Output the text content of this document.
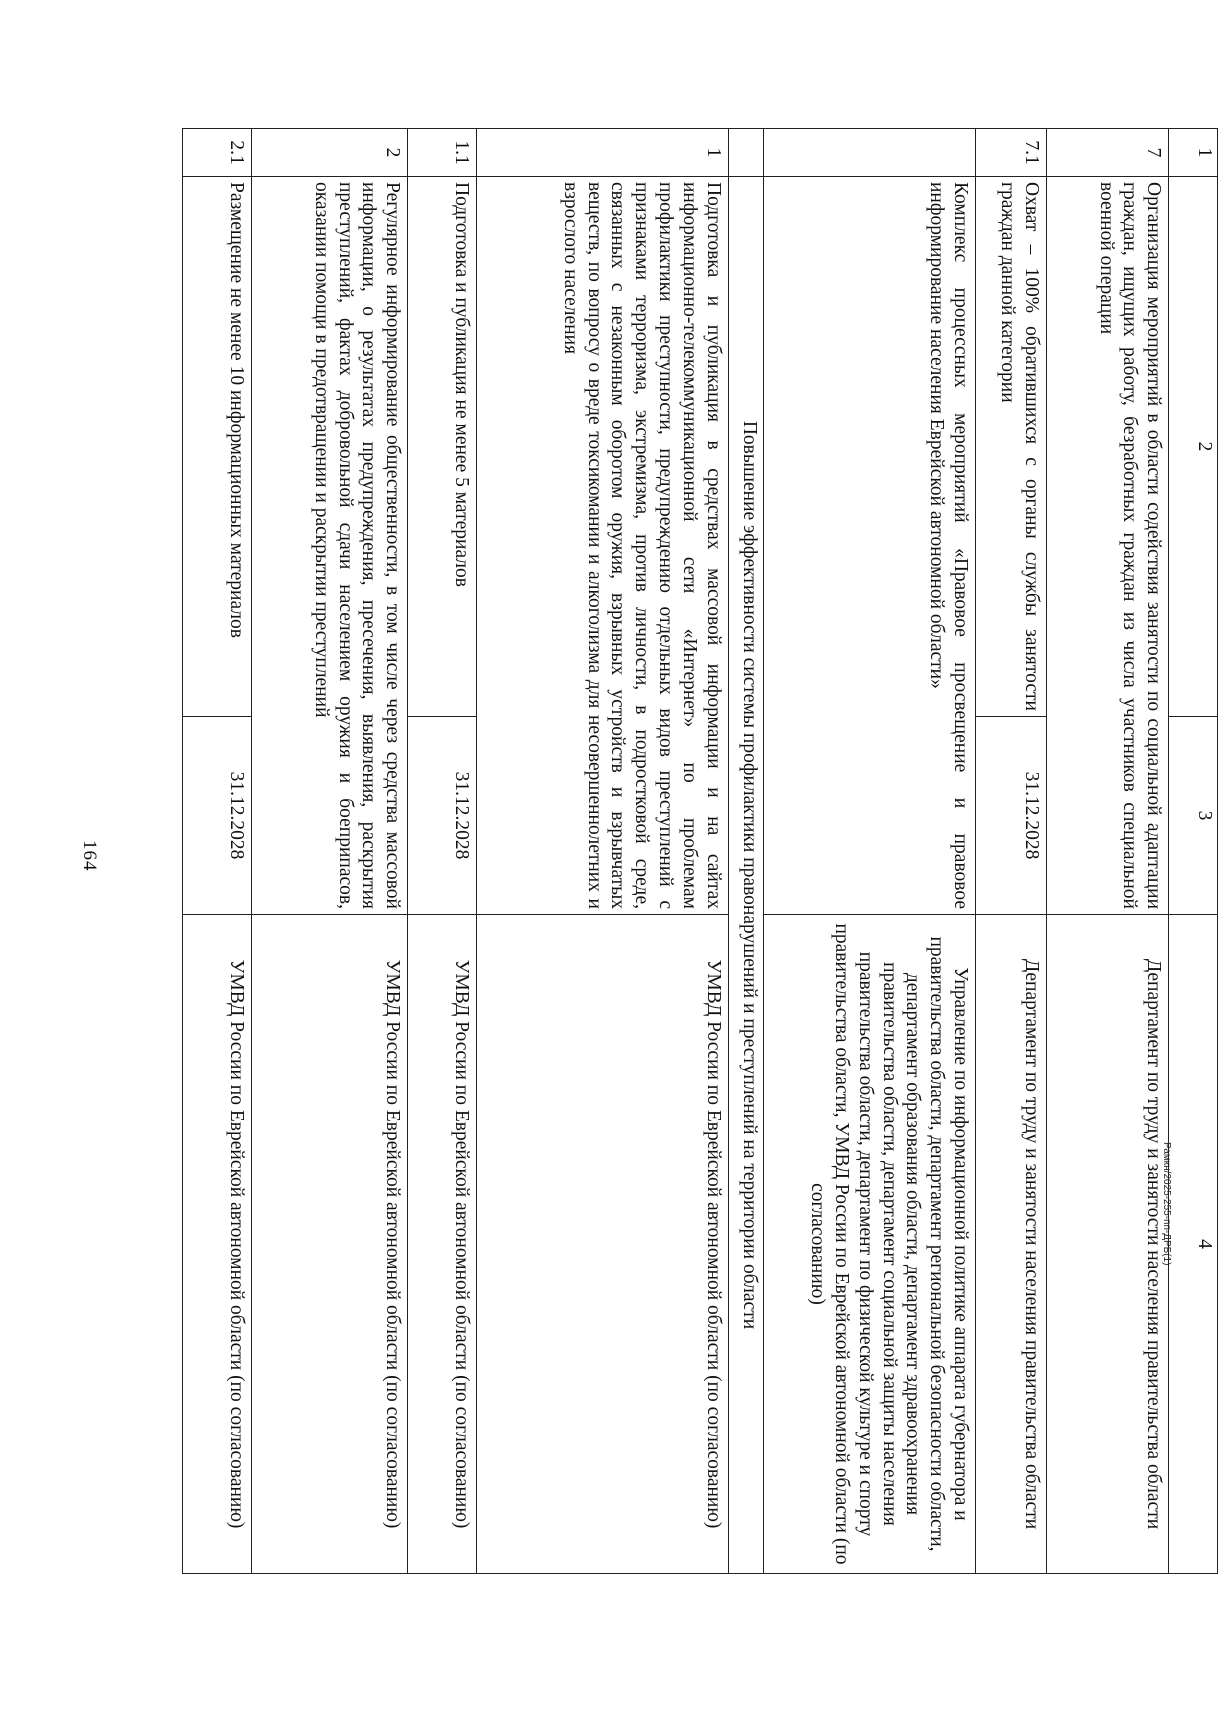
164
1	2	3	4
7	Организация мероприятий в области содействия занятости по социальной адаптации граждан, ищущих работу, безработных граждан из числа участников специальной военной операции		Департамент по труду и занятости населения правительства области
7.1	Охват – 100% обратившихся с органы службы занятости граждан данной категории	31.12.2028	Департамент по труду и занятости населения правительства области
	Комплекс процессных мероприятий «Правовое просвещение и правовое информирование населения Еврейской автономной области»		Управление по информационной политике аппарата губернатора и правительства области, департамент региональной безопасности области, департамент образования области, департамент здравоохранения правительства области, департамент социальной защиты населения правительства области, департамент по физической культуре и спорту правительства области, УМВД России по Еврейской автономной области (по согласованию)
	Повышение эффективности системы профилактики правонарушений и преступлений на территории области		
1	Подготовка и публикация в средствах массовой информации и на сайтах информационно-телекоммуникационной сети «Интернет» по проблемам профилактики преступности, предупреждению отдельных видов преступлений с признаками терроризма, экстремизма, против личности, в подростковой среде, связанных с незаконным оборотом оружия, взрывных устройств и взрывчатых веществ, по вопросу о вреде токсикомании и алкоголизма для несовершеннолетних и взрослого населения		УМВД России по Еврейской автономной области (по согласованию)
1.1	Подготовка и публикация не менее 5 материалов	31.12.2028	УМВД России по Еврейской автономной области (по согласованию)
2	Регулярное информирование общественности, в том числе через средства массовой информации, о результатах предупреждения, пресечения, выявления, раскрытия преступлений, фактах добровольной сдачи населением оружия и боеприпасов, оказании помощи в предотвращении и раскрытии преступлений		УМВД России по Еврейской автономной области (по согласованию)
2.1	Размещение не менее 10 информационных материалов	31.12.2028	УМВД России по Еврейской автономной области (по согласованию)	Рамкн/2025-255-пп-ДРБ(1)
